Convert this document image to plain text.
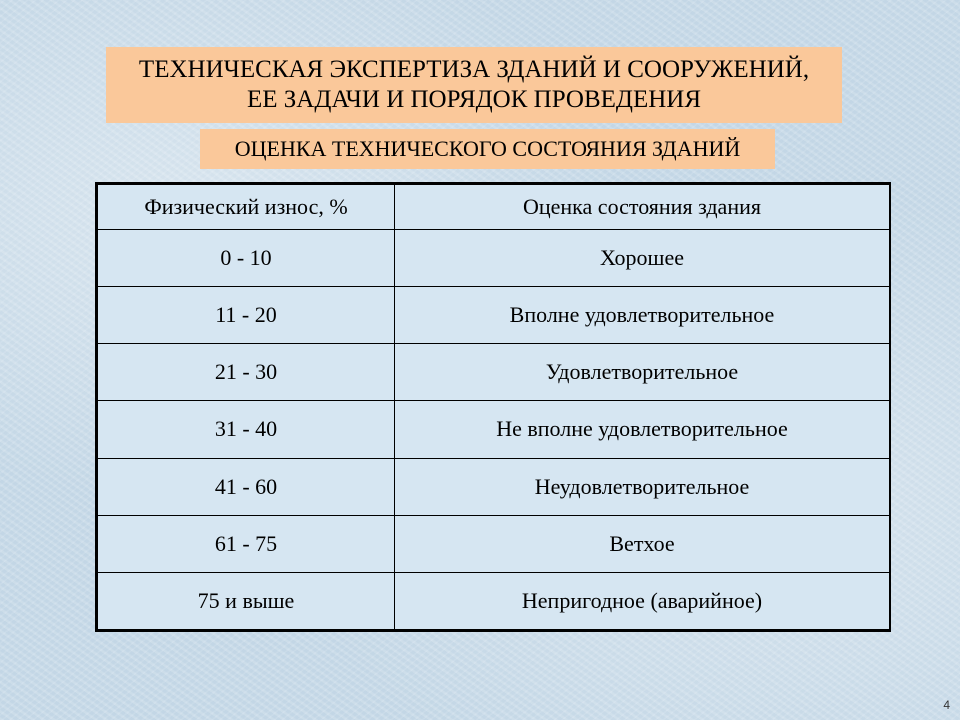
ТЕХНИЧЕСКАЯ ЭКСПЕРТИЗА ЗДАНИЙ И СООРУЖЕНИЙ,
ЕЕ ЗАДАЧИ И ПОРЯДОК ПРОВЕДЕНИЯ
ОЦЕНКА ТЕХНИЧЕСКОГО СОСТОЯНИЯ ЗДАНИЙ
Физический износ, %	Оценка состояния здания
0 - 10	Хорошее
11 - 20	Вполне удовлетворительное
21 - 30	Удовлетворительное
31 - 40	Не вполне удовлетворительное
41 - 60	Неудовлетворительное
61 - 75	Ветхое
75 и выше	Непригодное (аварийное)
4
